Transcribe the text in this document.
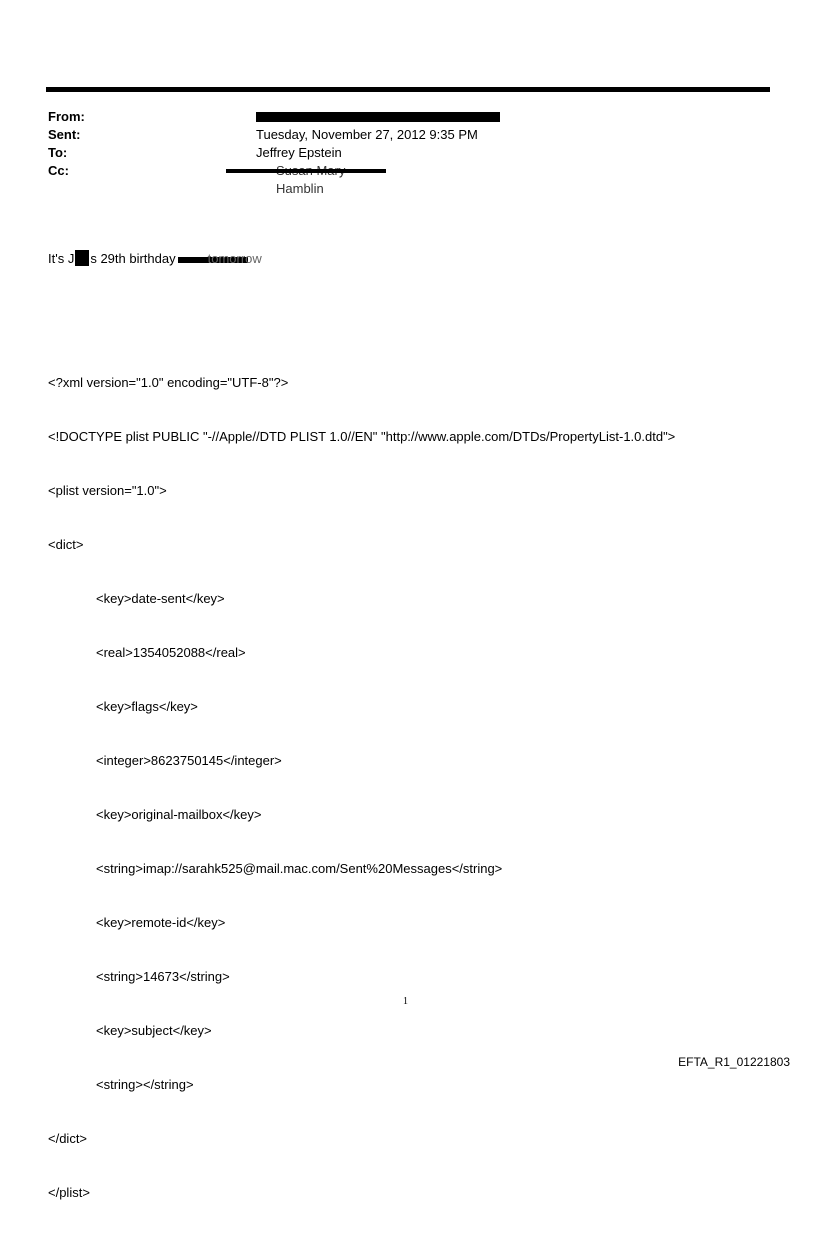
From:
Sent:	Tuesday, November 27, 2012 9:35 PM
To:	Jeffrey Epstein
Cc:
Hamblin

It's J s 29th birthday tomorrow

<?xml version="1.0" encoding="UTF-8"?>

<!DOCTYPE plist PUBLIC "-//Apple//DTD PLIST 1.0//EN" "http://www.apple.com/DTDs/PropertyList-1.0.dtd">

<plist version="1.0">

<dict>

<key>date-sent</key>

<real>1354052088</real>

<key>flags</key>

<integer>8623750145</integer>

<key>original-mailbox</key>

<string>imap://sarahk525@mail.mac.com/Sent%20Messages</string>

<key>remote-id</key>

<string>14673</string>

<key>subject</key>

<string></string>

</dict>

</plist>

1
EFTA_R1_01221803
